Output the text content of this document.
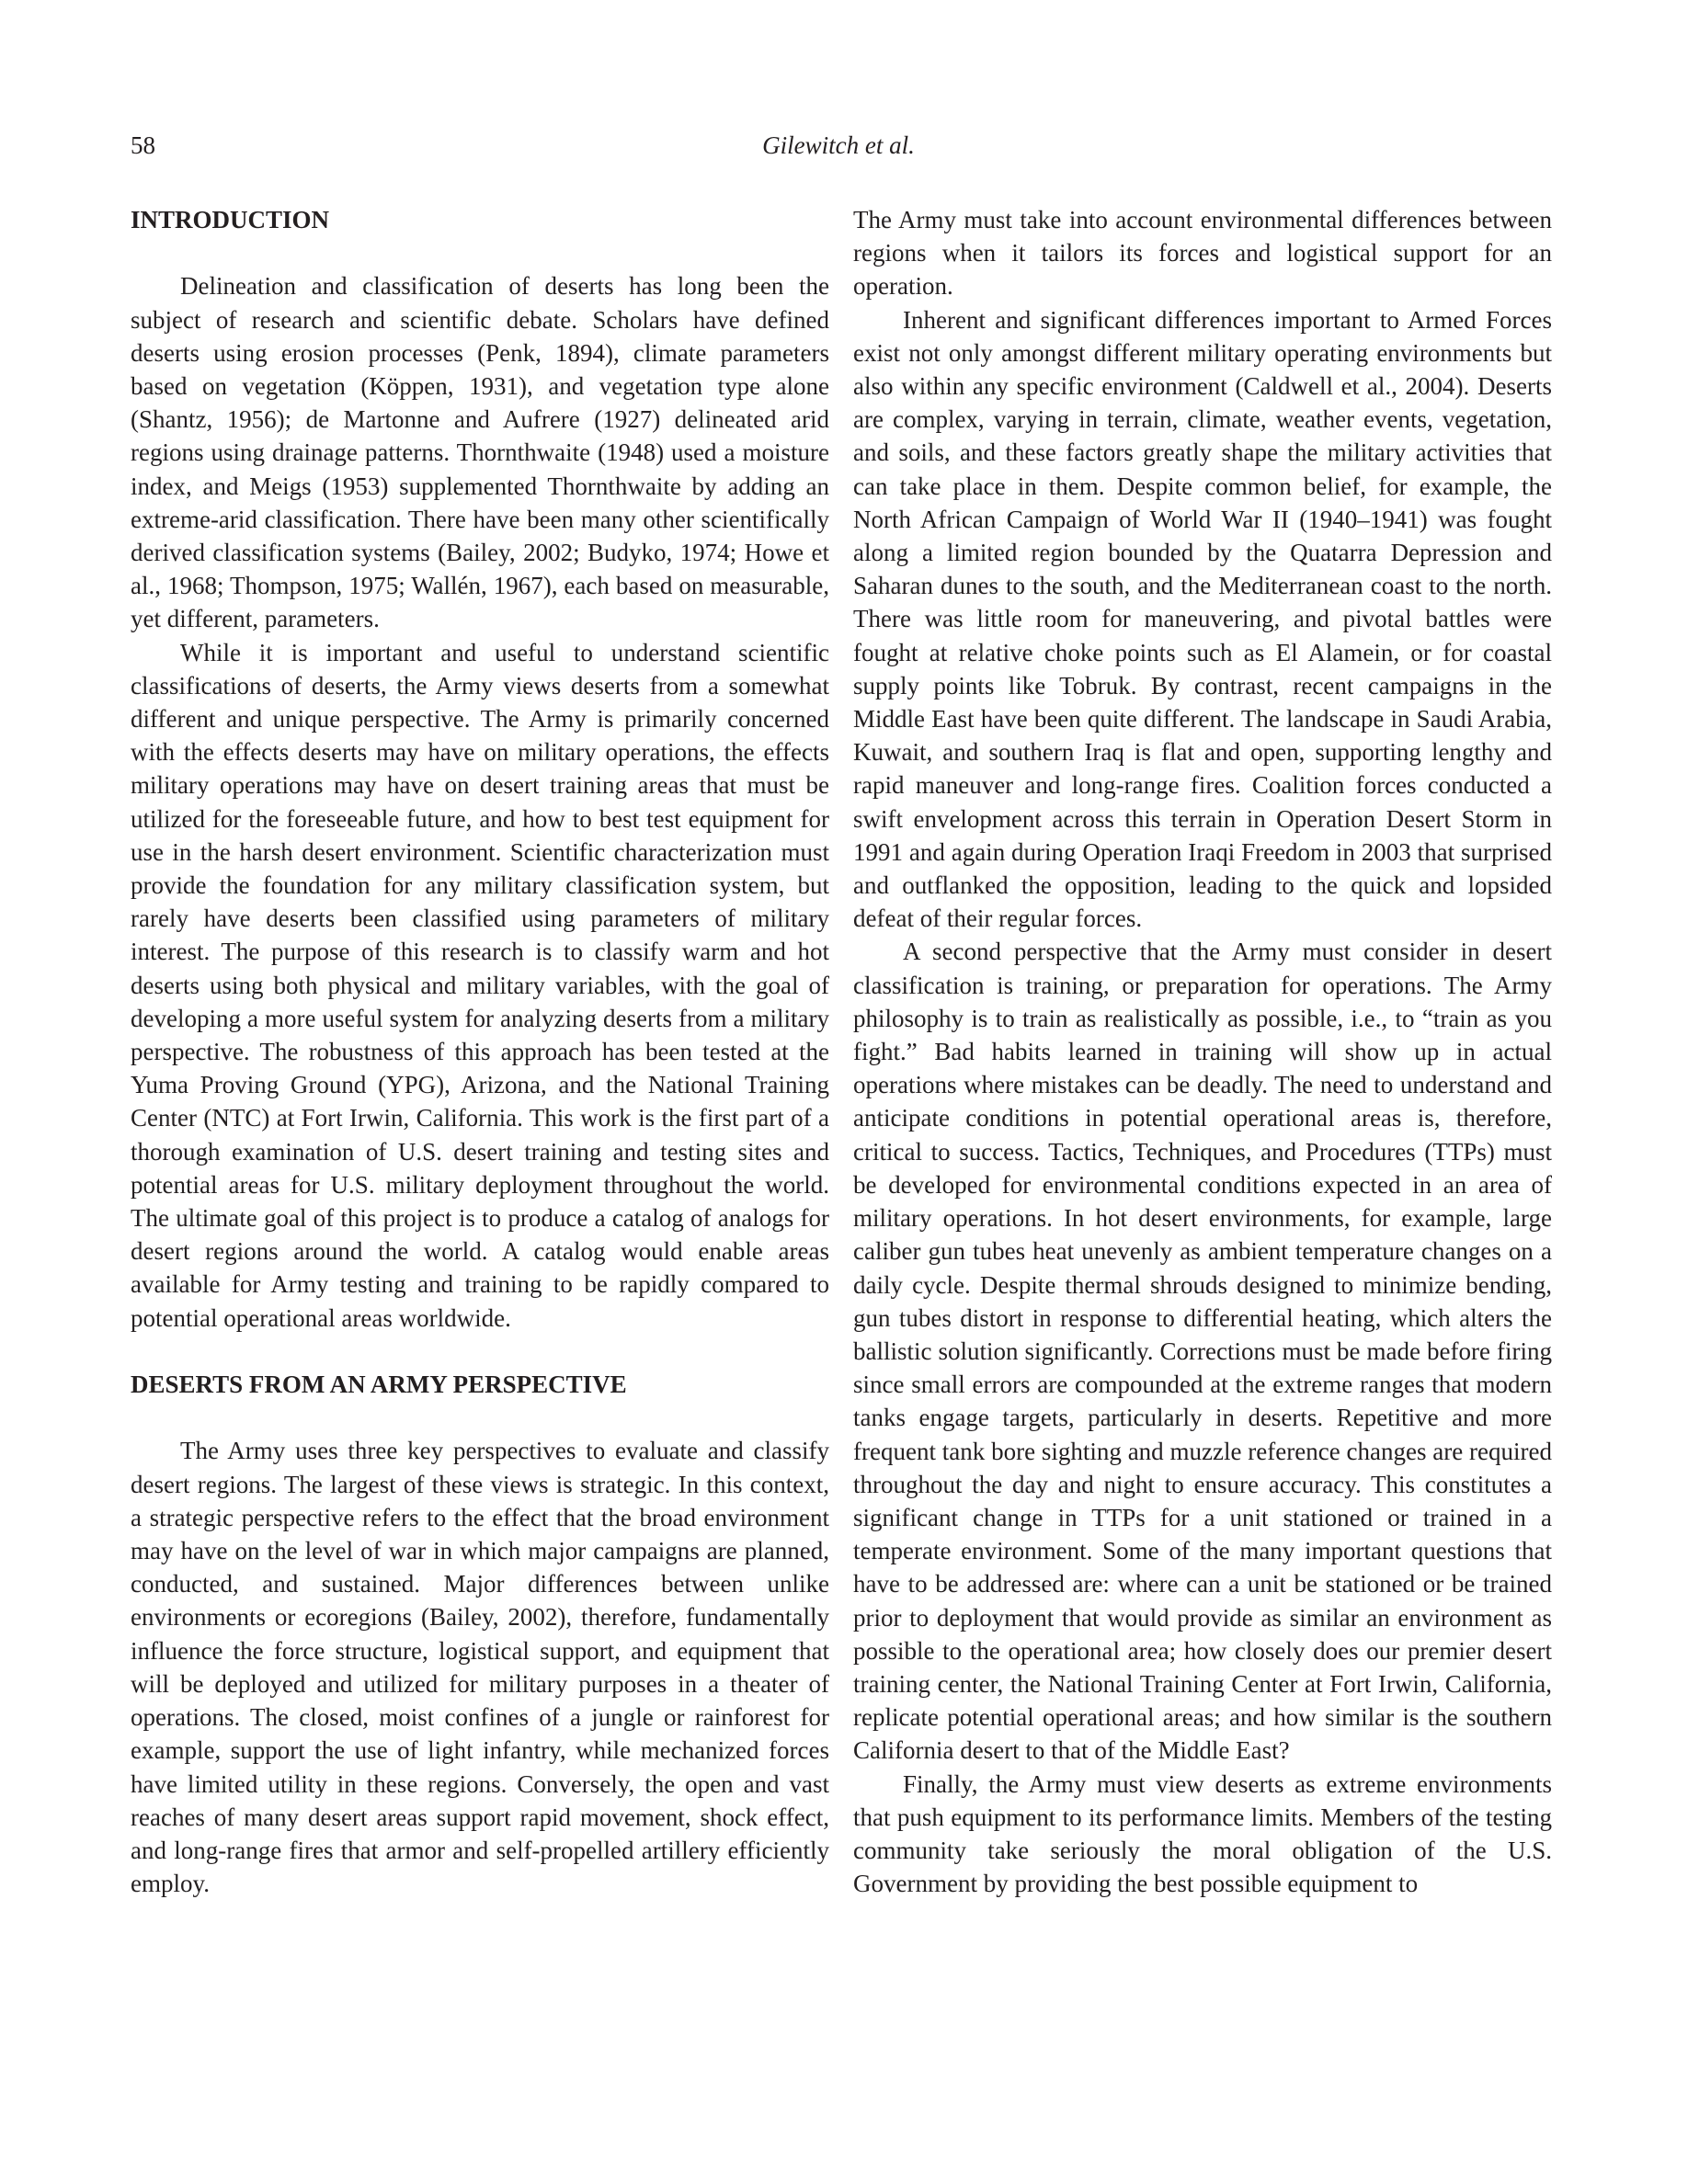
58	Gilewitch et al.
INTRODUCTION

Delineation and classification of deserts has long been the subject of research and scientific debate. Scholars have defined deserts using erosion processes (Penk, 1894), climate parameters based on vegetation (Köppen, 1931), and vegetation type alone (Shantz, 1956); de Martonne and Aufrere (1927) delineated arid regions using drainage patterns. Thornthwaite (1948) used a moisture index, and Meigs (1953) supplemented Thornthwaite by adding an extreme-arid classification. There have been many other scientifically derived classification systems (Bailey, 2002; Budyko, 1974; Howe et al., 1968; Thompson, 1975; Wallén, 1967), each based on measurable, yet different, parameters.

While it is important and useful to understand scientific classifications of deserts, the Army views deserts from a somewhat different and unique perspective. The Army is primarily concerned with the effects deserts may have on military operations, the effects military operations may have on desert training areas that must be utilized for the foreseeable future, and how to best test equipment for use in the harsh desert environment. Scientific characterization must provide the foundation for any military classification system, but rarely have deserts been classified using parameters of military interest. The purpose of this research is to classify warm and hot deserts using both physical and military variables, with the goal of developing a more useful system for analyzing deserts from a military perspective. The robustness of this approach has been tested at the Yuma Proving Ground (YPG), Arizona, and the National Training Center (NTC) at Fort Irwin, California. This work is the first part of a thorough examination of U.S. desert training and testing sites and potential areas for U.S. military deployment throughout the world. The ultimate goal of this project is to produce a catalog of analogs for desert regions around the world. A catalog would enable areas available for Army testing and training to be rapidly compared to potential operational areas worldwide.

DESERTS FROM AN ARMY PERSPECTIVE

The Army uses three key perspectives to evaluate and classify desert regions. The largest of these views is strategic. In this context, a strategic perspective refers to the effect that the broad environment may have on the level of war in which major campaigns are planned, conducted, and sustained. Major differences between unlike environments or ecoregions (Bailey, 2002), therefore, fundamentally influence the force structure, logistical support, and equipment that will be deployed and utilized for military purposes in a theater of operations. The closed, moist confines of a jungle or rainforest for example, support the use of light infantry, while mechanized forces have limited utility in these regions. Conversely, the open and vast reaches of many desert areas support rapid movement, shock effect, and long-range fires that armor and self-propelled artillery efficiently employ.

The Army must take into account environmental differences between regions when it tailors its forces and logistical support for an operation.

Inherent and significant differences important to Armed Forces exist not only amongst different military operating environments but also within any specific environment (Caldwell et al., 2004). Deserts are complex, varying in terrain, climate, weather events, vegetation, and soils, and these factors greatly shape the military activities that can take place in them. Despite common belief, for example, the North African Campaign of World War II (1940–1941) was fought along a limited region bounded by the Quatarra Depression and Saharan dunes to the south, and the Mediterranean coast to the north. There was little room for maneuvering, and pivotal battles were fought at relative choke points such as El Alamein, or for coastal supply points like Tobruk. By contrast, recent campaigns in the Middle East have been quite different. The landscape in Saudi Arabia, Kuwait, and southern Iraq is flat and open, supporting lengthy and rapid maneuver and long-range fires. Coalition forces conducted a swift envelopment across this terrain in Operation Desert Storm in 1991 and again during Operation Iraqi Freedom in 2003 that surprised and outflanked the opposition, leading to the quick and lopsided defeat of their regular forces.

A second perspective that the Army must consider in desert classification is training, or preparation for operations. The Army philosophy is to train as realistically as possible, i.e., to “train as you fight.” Bad habits learned in training will show up in actual operations where mistakes can be deadly. The need to understand and anticipate conditions in potential operational areas is, therefore, critical to success. Tactics, Techniques, and Procedures (TTPs) must be developed for environmental conditions expected in an area of military operations. In hot desert environments, for example, large caliber gun tubes heat unevenly as ambient temperature changes on a daily cycle. Despite thermal shrouds designed to minimize bending, gun tubes distort in response to differential heating, which alters the ballistic solution significantly. Corrections must be made before firing since small errors are compounded at the extreme ranges that modern tanks engage targets, particularly in deserts. Repetitive and more frequent tank bore sighting and muzzle reference changes are required throughout the day and night to ensure accuracy. This constitutes a significant change in TTPs for a unit stationed or trained in a temperate environment. Some of the many important questions that have to be addressed are: where can a unit be stationed or be trained prior to deployment that would provide as similar an environment as possible to the operational area; how closely does our premier desert training center, the National Training Center at Fort Irwin, California, replicate potential operational areas; and how similar is the southern California desert to that of the Middle East?

Finally, the Army must view deserts as extreme environments that push equipment to its performance limits. Members of the testing community take seriously the moral obligation of the U.S. Government by providing the best possible equipment to
